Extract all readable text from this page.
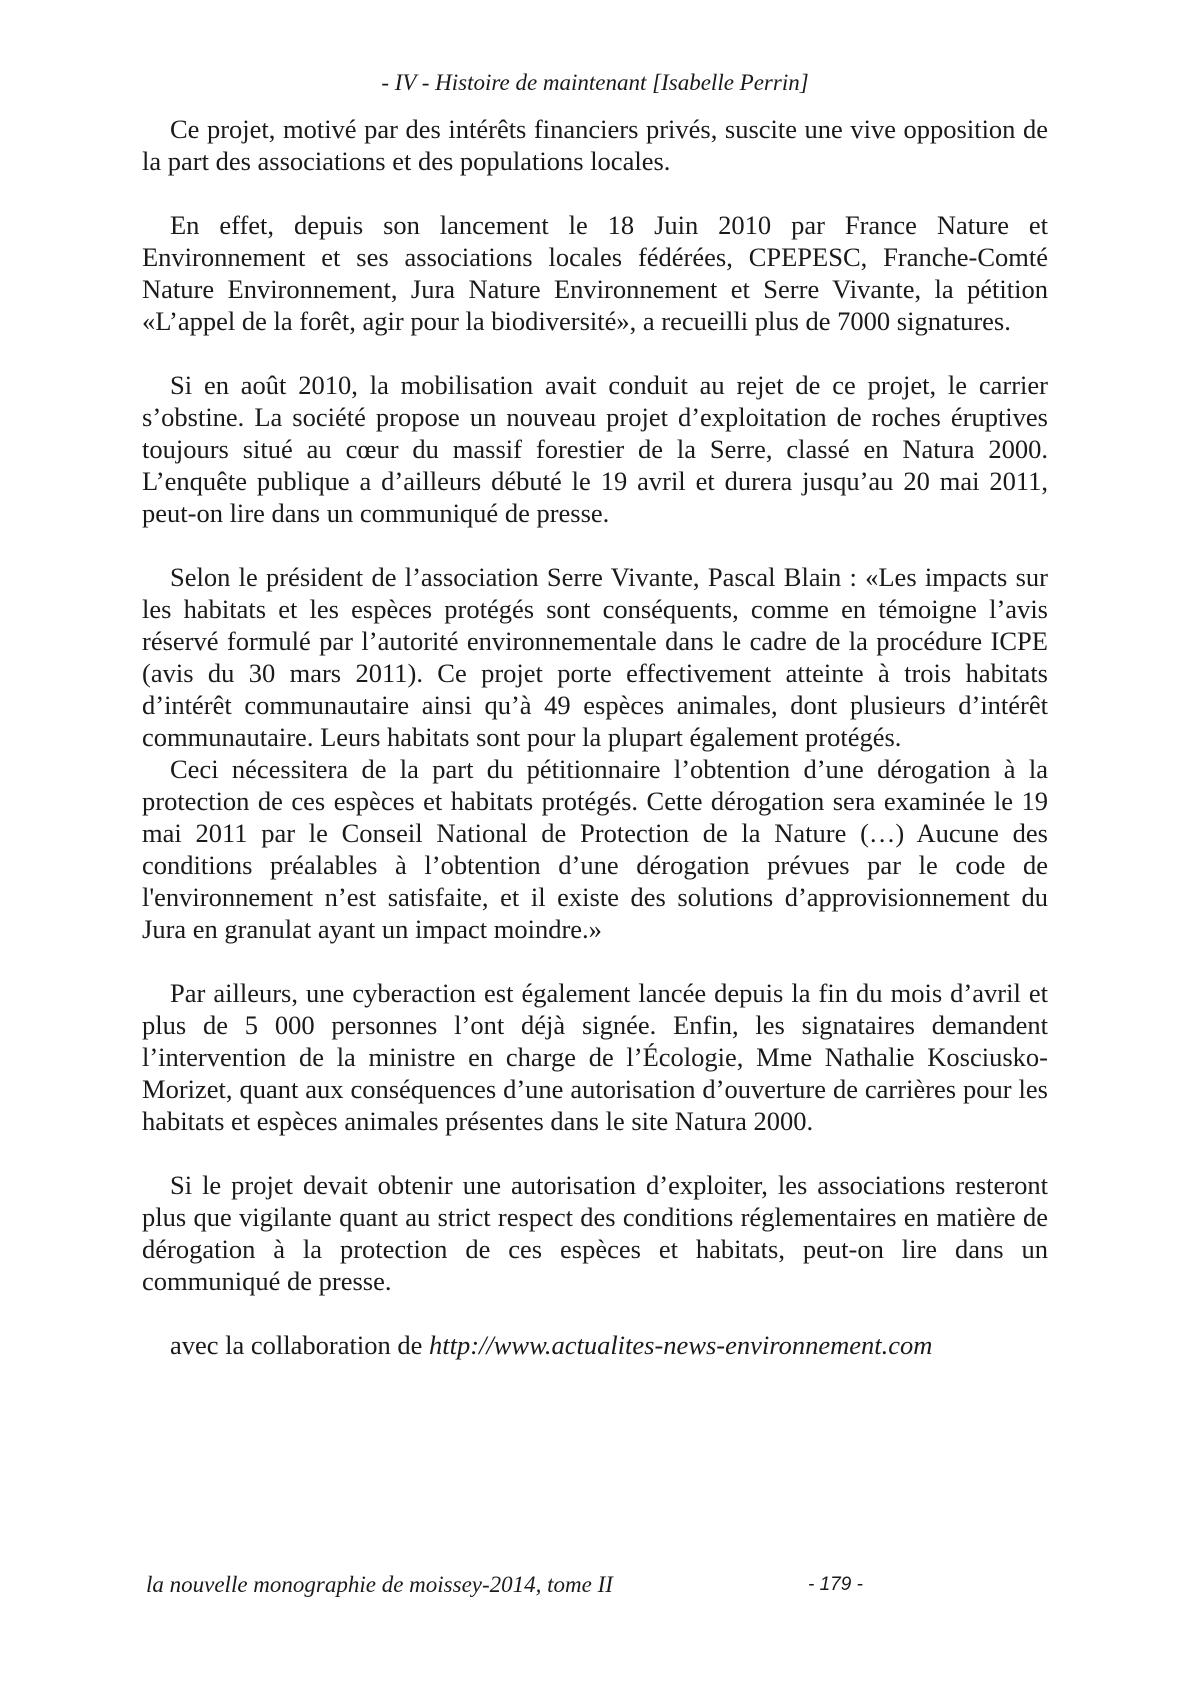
- IV - Histoire de maintenant [Isabelle Perrin]

Ce projet, motivé par des intérêts financiers privés, suscite une vive opposition de la part des associations et des populations locales.

En effet, depuis son lancement le 18 Juin 2010 par France Nature et Environnement et ses associations locales fédérées, CPEPESC, Franche-Comté Nature Environnement, Jura Nature Environnement et Serre Vivante, la pétition «L’appel de la forêt, agir pour la biodiversité», a recueilli plus de 7000 signatures.

Si en août 2010, la mobilisation avait conduit au rejet de ce projet, le carrier s’obstine. La société propose un nouveau projet d’exploitation de roches éruptives toujours situé au cœur du massif forestier de la Serre, classé en Natura 2000. L’enquête publique a d’ailleurs débuté le 19 avril et durera jusqu’au 20 mai 2011, peut-on lire dans un communiqué de presse.

Selon le président de l’association Serre Vivante, Pascal Blain : «Les impacts sur les habitats et les espèces protégés sont conséquents, comme en témoigne l’avis réservé formulé par l’autorité environnementale dans le cadre de la procédure ICPE (avis du 30 mars 2011). Ce projet porte effectivement atteinte à trois habitats d’intérêt communautaire ainsi qu’à 49 espèces animales, dont plusieurs d’intérêt communautaire. Leurs habitats sont pour la plupart également protégés.

Ceci nécessitera de la part du pétitionnaire l’obtention d’une dérogation à la protection de ces espèces et habitats protégés. Cette dérogation sera examinée le 19 mai 2011 par le Conseil National de Protection de la Nature (…) Aucune des conditions préalables à l’obtention d’une dérogation prévues par le code de l'environnement n’est satisfaite, et il existe des solutions d’approvisionnement du Jura en granulat ayant un impact moindre.»

Par ailleurs, une cyberaction est également lancée depuis la fin du mois d’avril et plus de 5 000 personnes l’ont déjà signée. Enfin, les signataires demandent l’intervention de la ministre en charge de l’Écologie, Mme Nathalie Kosciusko-Morizet, quant aux conséquences d’une autorisation d’ouverture de carrières pour les habitats et espèces animales présentes dans le site Natura 2000.

Si le projet devait obtenir une autorisation d’exploiter, les associations resteront plus que vigilante quant au strict respect des conditions réglementaires en matière de dérogation à la protection de ces espèces et habitats, peut-on lire dans un communiqué de presse.

avec la collaboration de http://www.actualites-news-environnement.com

la nouvelle monographie de moissey-2014, tome II	- 179 -
